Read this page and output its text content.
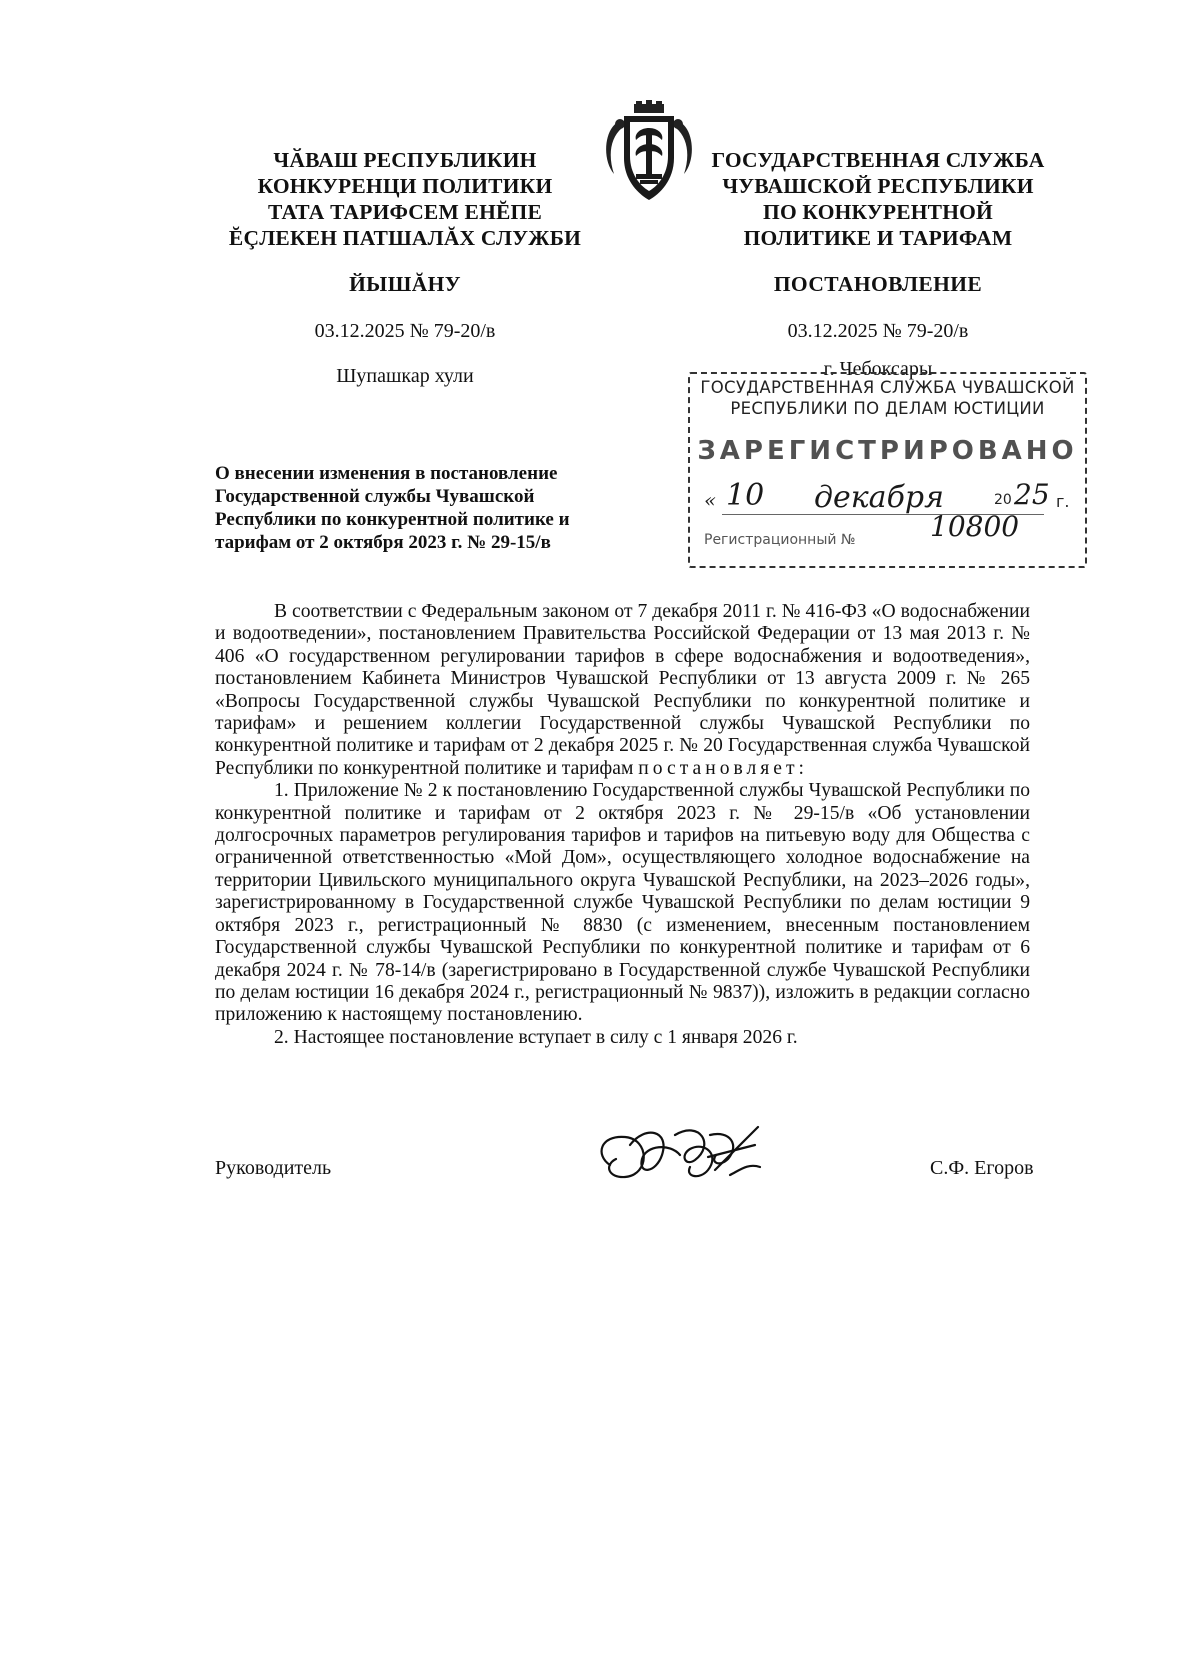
ЧӐВАШ РЕСПУБЛИКИН
КОНКУРЕНЦИ ПОЛИТИКИ
ТАТА ТАРИФСЕМ ЕНĔПЕ
ĔÇЛЕКЕН ПАТШАЛĂХ СЛУЖБИ
ЙЫШĂНУ
03.12.2025 № 79-20/в
Шупашкар хули
ГОСУДАРСТВЕННАЯ СЛУЖБА
ЧУВАШСКОЙ РЕСПУБЛИКИ
ПО КОНКУРЕНТНОЙ
ПОЛИТИКЕ И ТАРИФАМ
ПОСТАНОВЛЕНИЕ
03.12.2025 № 79-20/в
г. Чебоксары
ГОСУДАРСТВЕННАЯ СЛУЖБА ЧУВАШСКОЙ
РЕСПУБЛИКИ ПО ДЕЛАМ ЮСТИЦИИ
ЗАРЕГИСТРИРОВАНО
« 10 декабря	20 25 г.
Регистрационный №	10800
О внесении изменения в постановление
Государственной службы Чувашской
Республики по конкурентной политике и
тарифам от 2 октября 2023 г. № 29-15/в

В соответствии с Федеральным законом от 7 декабря 2011 г. № 416-ФЗ «О водоснабжении и водоотведении», постановлением Правительства Российской Федерации от 13 мая 2013 г. № 406 «О государственном регулировании тарифов в сфере водоснабжения и водоотведения», постановлением Кабинета Министров Чувашской Республики от 13 августа 2009 г. № 265 «Вопросы Государственной службы Чувашской Республики по конкурентной политике и тарифам» и решением коллегии Государственной службы Чувашской Республики по конкурентной политике и тарифам от 2 декабря 2025 г. № 20 Государственная служба Чувашской Республики по конкурентной политике и тарифам постановляет:

1. Приложение № 2 к постановлению Государственной службы Чувашской Республики по конкурентной политике и тарифам от 2 октября 2023 г. № 29-15/в «Об установлении долгосрочных параметров регулирования тарифов и тарифов на питьевую воду для Общества с ограниченной ответственностью «Мой Дом», осуществляющего холодное водоснабжение на территории Цивильского муниципального округа Чувашской Республики, на 2023–2026 годы», зарегистрированному в Государственной службе Чувашской Республики по делам юстиции 9 октября 2023 г., регистрационный № 8830 (с изменением, внесенным постановлением Государственной службы Чувашской Республики по конкурентной политике и тарифам от 6 декабря 2024 г. № 78-14/в (зарегистрировано в Государственной службе Чувашской Республики по делам юстиции 16 декабря 2024 г., регистрационный № 9837)), изложить в редакции согласно приложению к настоящему постановлению.

2. Настоящее постановление вступает в силу с 1 января 2026 г.

Руководитель	С.Ф. Егоров
